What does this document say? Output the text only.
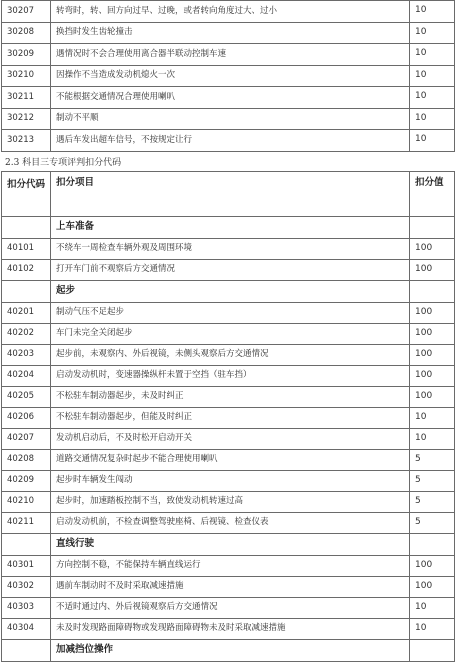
30207	转弯时，转、回方向过早、过晚，或者转向角度过大、过小	10
30208	换挡时发生齿轮撞击	10
30209	遇情况时不会合理使用离合器半联动控制车速	10
30210	因操作不当造成发动机熄火一次	10
30211	不能根据交通情况合理使用喇叭	10
30212	制动不平顺	10
30213	遇后车发出超车信号，不按规定让行	10
2.3 科目三专项评判扣分代码
扣分代码	扣分项目	扣分值
	上车准备	
40101	不绕车一周检查车辆外观及周围环境	100
40102	打开车门前不观察后方交通情况	100
	起步	
40201	制动气压不足起步	100
40202	车门未完全关闭起步	100
40203	起步前，未观察内、外后视镜，未侧头观察后方交通情况	100
40204	启动发动机时，变速器操纵杆未置于空挡（驻车挡）	100
40205	不松驻车制动器起步，未及时纠正	100
40206	不松驻车制动器起步，但能及时纠正	10
40207	发动机启动后，不及时松开启动开关	10
40208	道路交通情况复杂时起步不能合理使用喇叭	5
40209	起步时车辆发生闯动	5
40210	起步时，加速踏板控制不当，致使发动机转速过高	5
40211	启动发动机前，不检查调整驾驶座椅、后视镜、检查仪表	5
	直线行驶	
40301	方向控制不稳，不能保持车辆直线运行	100
40302	遇前车制动时不及时采取减速措施	100
40303	不适时通过内、外后视镜观察后方交通情况	10
40304	未及时发现路面障碍物或发现路面障碍物未及时采取减速措施	10
	加减挡位操作	
